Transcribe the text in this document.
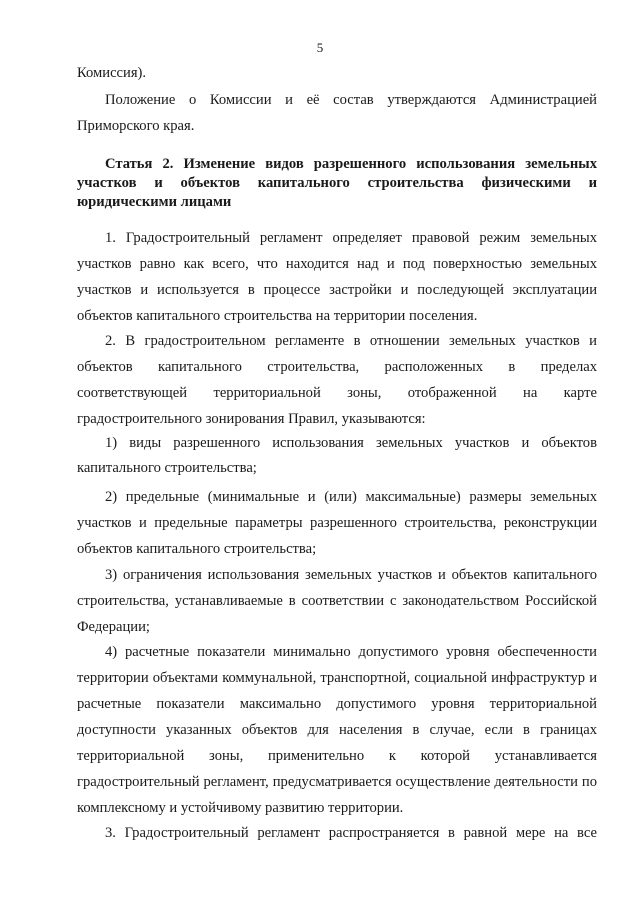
5

Комиссия).

Положение о Комиссии и её состав утверждаются Администрацией Приморского края.

Статья 2. Изменение видов разрешенного использования земельных участков и объектов капитального строительства физическими и юридическими лицами

1. Градостроительный регламент определяет правовой режим земельных участков равно как всего, что находится над и под поверхностью земельных участков и используется в процессе застройки и последующей эксплуатации объектов капитального строительства на территории поселения.

2. В градостроительном регламенте в отношении земельных участков и объектов капитального строительства, расположенных в пределах соответствующей территориальной зоны, отображенной на карте градостроительного зонирования Правил, указываются:

1) виды разрешенного использования земельных участков и объектов капитального строительства;

2) предельные (минимальные и (или) максимальные) размеры земельных участков и предельные параметры разрешенного строительства, реконструкции объектов капитального строительства;

3) ограничения использования земельных участков и объектов капитального строительства, устанавливаемые в соответствии с законодательством Российской Федерации;

4) расчетные показатели минимально допустимого уровня обеспеченности территории объектами коммунальной, транспортной, социальной инфраструктур и расчетные показатели максимально допустимого уровня территориальной доступности указанных объектов для населения в случае, если в границах территориальной зоны, применительно к которой устанавливается градостроительный регламент, предусматривается осуществление деятельности по комплексному и устойчивому развитию территории.

3. Градостроительный регламент распространяется в равной мере на все
